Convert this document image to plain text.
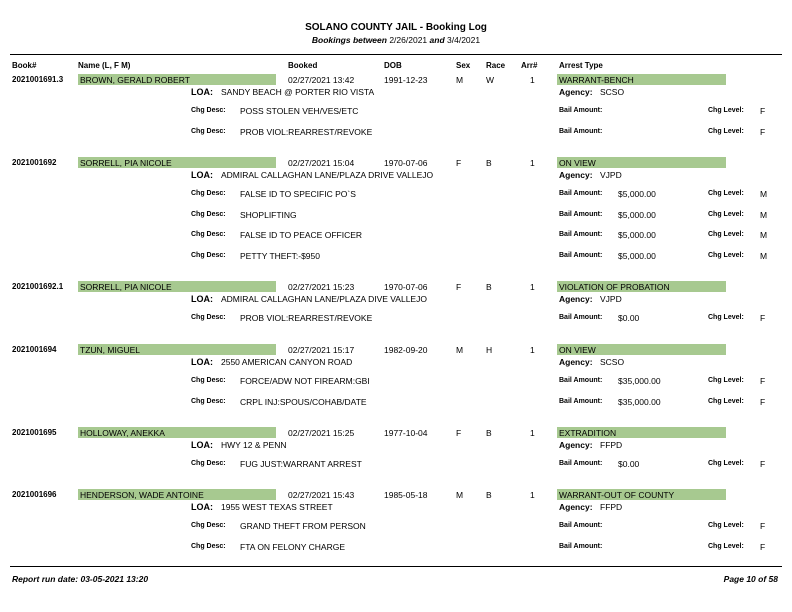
SOLANO COUNTY JAIL - Booking Log
Bookings between 2/26/2021 and 3/4/2021
Book#	Name (L, F M)	Booked	DOB	Sex Race Arr#	Arrest Type
2021001691.3 BROWN, GERALD ROBERT	02/27/2021 13:42	1991-12-23	M	W	1	WARRANT-BENCH
LOA: SANDY BEACH @ PORTER RIO VISTA	Agency: SCSO
Chg Desc: POSS STOLEN VEH/VES/ETC	Bail Amount:	Chg Level: F
Chg Desc: PROB VIOL:REARREST/REVOKE	Bail Amount:	Chg Level: F
2021001692	SORRELL, PIA NICOLE	02/27/2021 15:04	1970-07-06	F	B	1	ON VIEW
LOA: ADMIRAL CALLAGHAN LANE/PLAZA DRIVE VALLEJO	Agency: VJPD
Chg Desc: FALSE ID TO SPECIFIC PO`S	Bail Amount: $5,000.00	Chg Level: M
Chg Desc: SHOPLIFTING	Bail Amount: $5,000.00	Chg Level: M
Chg Desc: FALSE ID TO PEACE OFFICER	Bail Amount: $5,000.00	Chg Level: M
Chg Desc: PETTY THEFT:-$950	Bail Amount: $5,000.00	Chg Level: M
2021001692.1 SORRELL, PIA NICOLE	02/27/2021 15:23	1970-07-06	F	B	1	VIOLATION OF PROBATION
LOA: ADMIRAL CALLAGHAN LANE/PLAZA DIVE VALLEJO	Agency: VJPD
Chg Desc: PROB VIOL:REARREST/REVOKE	Bail Amount: $0.00	Chg Level: F
2021001694	TZUN, MIGUEL	02/27/2021 15:17	1982-09-20	M	H	1	ON VIEW
LOA: 2550 AMERICAN CANYON ROAD	Agency: SCSO
Chg Desc: FORCE/ADW NOT FIREARM:GBI	Bail Amount: $35,000.00	Chg Level: F
Chg Desc: CRPL INJ:SPOUS/COHAB/DATE	Bail Amount: $35,000.00	Chg Level: F
2021001695	HOLLOWAY, ANEKKA	02/27/2021 15:25	1977-10-04	F	B	1	EXTRADITION
LOA: HWY 12 & PENN	Agency: FFPD
Chg Desc: FUG JUST:WARRANT ARREST	Bail Amount: $0.00	Chg Level: F
2021001696	HENDERSON, WADE ANTOINE	02/27/2021 15:43	1985-05-18	M	B	1	WARRANT-OUT OF COUNTY
LOA: 1955 WEST TEXAS STREET	Agency: FFPD
Chg Desc: GRAND THEFT FROM PERSON	Bail Amount:	Chg Level: F
Chg Desc: FTA ON FELONY CHARGE	Bail Amount:	Chg Level: F
Report run date: 03-05-2021 13:20	Page 10 of 58
